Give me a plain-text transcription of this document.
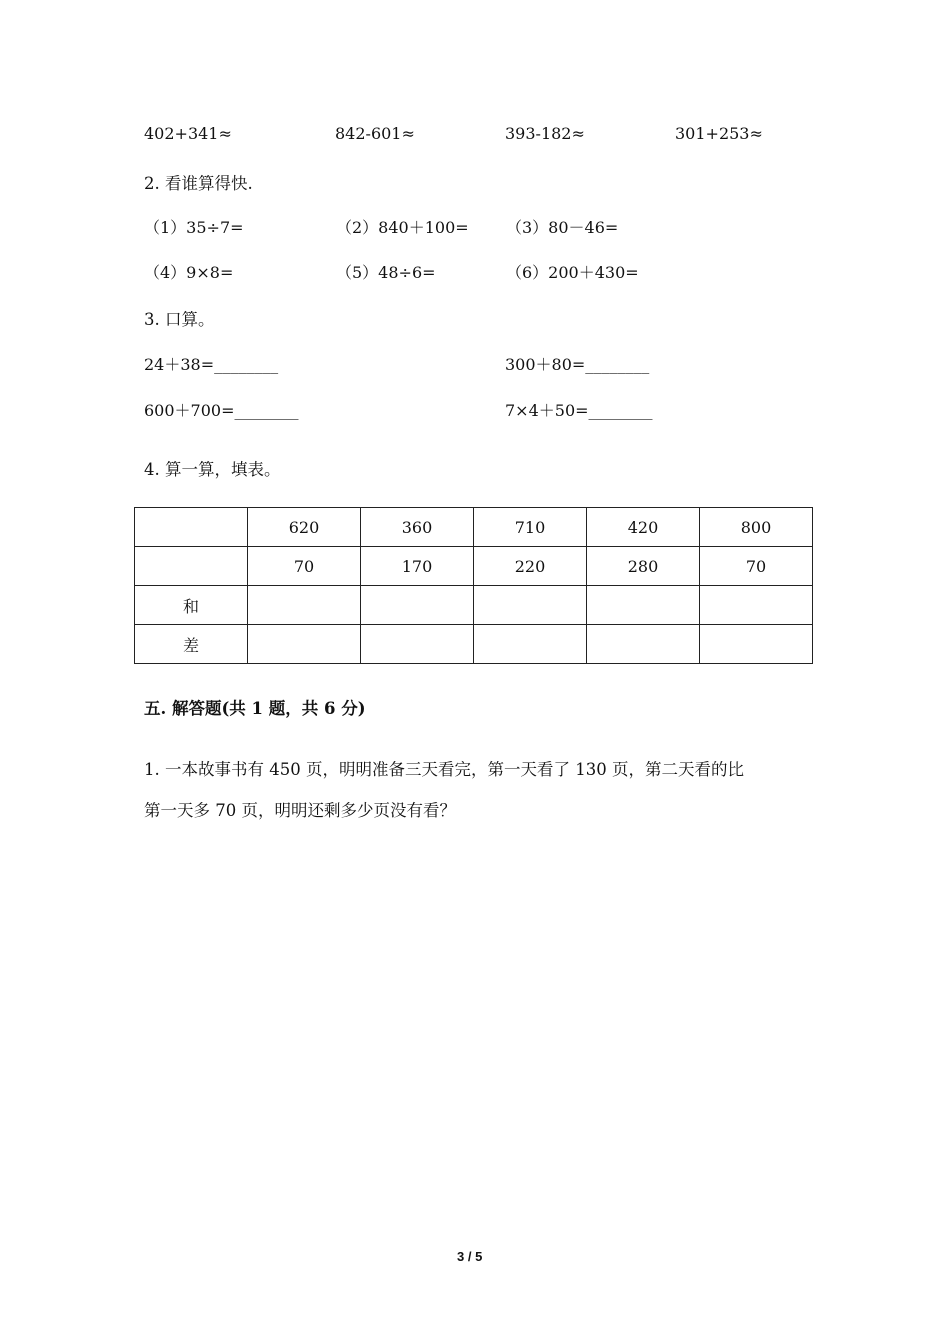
402+341≈	842-601≈	393-182≈	301+253≈
2. 看谁算得快.
（1）35÷7=	（2）840＋100= （3）80－46=
（4）9×8=	（5）48÷6=	（6）200＋430=
3. 口算。
24＋38=________	300＋80=________
600＋700=________	7×4＋50=________
4. 算一算，填表。
	620	360	710	420	800
	70	170	220	280	70
和					
差					
五. 解答题(共 1 题，共 6 分)
1. 一本故事书有 450 页，明明准备三天看完，第一天看了 130 页，第二天看的比
第一天多 70 页，明明还剩多少页没有看？
3 / 5
